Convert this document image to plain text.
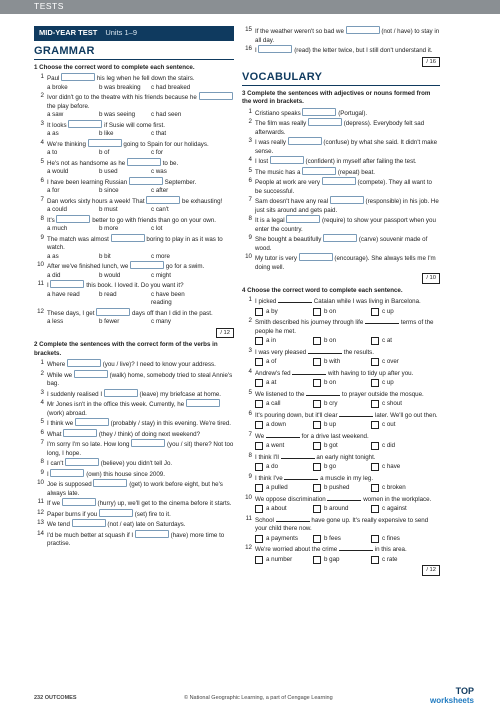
TESTS
MID-YEAR TEST Units 1–9
GRAMMAR
1 Choose the correct word to complete each sentence.
1 Paul	his leg when he fell down the stairs.
a broke	b was breaking	c had breaked
2 Ivor didn't go to the theatre with his friends because he  the play before.
a saw	b was seeing	c had seen
3 It looks	if Susie will come first.
a as	b like	c that
4 We're thinking	going to Spain for our holidays.
a to	b of	c for
5 He's not as handsome as he	to be.
a would	b used	c was
6 I have been learning Russian	September.
a for	b since	c after
7 Dan works sixty hours a week! That	be exhausting!
a could	b must	c can't
8 It's	better to go with friends than go on your own.
a much	b more	c lot
9 The match was almost	boring to play in as it was to watch.
a as	b bit	c more
10 After we've finished lunch, we	go for a swim.
a did	b would	c might
11 I	this book. I loved it. Do you want it?
a have read	b read	c have been reading
12 These days, I get	days off than I did in the past.
a less	b fewer	c many
/ 12
2 Complete the sentences with the correct form of the verbs in brackets.
1 Where	(you / live)? I need to know your address.
2 While we	(walk) home, somebody tried to steal Annie's bag.
3 I suddenly realised I	(leave) my briefcase at home.
4 Mr Jones isn't in the office this week. Currently, he  (work) abroad.
5 I think we	(probably / stay) in this evening. We're tired.
6 What	(they / think) of doing next weekend?
7 I'm sorry I'm so late. How long	(you / sit) there? Not too long, I hope.
8 I can't	(believe) you didn't tell Jo.
9 I	(own) this house since 2009.
10 Joe is supposed	(get) to work before eight, but he's always late.
11 If we	(hurry) up, we'll get to the cinema before it starts.
12 Paper burns if you	(set) fire to it.
13 We tend	(not / eat) late on Saturdays.
14 I'd be much better at squash if I	(have) more time to practise.
15 If the weather weren't so bad we	(not / have) to stay in all day.
16 I	(read) the letter twice, but I still don't understand it.
/ 16
VOCABULARY
3 Complete the sentences with adjectives or nouns formed from the word in brackets.
1 Cristiano speaks	(Portugal).
2 The film was really	(depress). Everybody felt sad afterwards.
3 I was really	(confuse) by what she said. It didn't make sense.
4 I lost	(confident) in myself after failing the test.
5 The music has a	(repeat) beat.
6 People at work are very	(compete). They all want to be successful.
7 Sam doesn't have any real	(responsible) in his job. He just sits around and gets paid.
8 It is a legal	(require) to show your passport when you enter the country.
9 She bought a beautifully	(carve) souvenir made of wood.
10 My tutor is very	(encourage). She always tells me I'm doing well.
/ 10
4 Choose the correct word to complete each sentence.
1 I picked	Catalan while I was living in Barcelona.
a by	b on	c up
2 Smith described his journey through life	terms of the people he met.
a in	b on	c at
3 I was very pleased	the results.
a of	b with	c over
4 Andrew's fed	with having to tidy up after you.
a at	b on	c up
5 We listened to the	to prayer outside the mosque.
a call	b cry	c shout
6 It's pouring down, but it'll clear	later. We'll go out then.
a down	b up	c out
7 We	for a drive last weekend.
a went	b got	c did
8 I think I'll	an early night tonight.
a do	b go	c have
9 I think I've	a muscle in my leg.
a pulled	b pushed	c broken
10 We oppose discrimination	women in the workplace.
a about	b around	c against
11 School	have gone up. It's really expensive to send your child there now.
a payments	b fees	c fines
12 We're worried about the crime	in this area.
a number	b gap	c rate
/ 12
232 OUTCOMES	© National Geographic Learning, a part of Cengage Learning
TOP
worksheets
